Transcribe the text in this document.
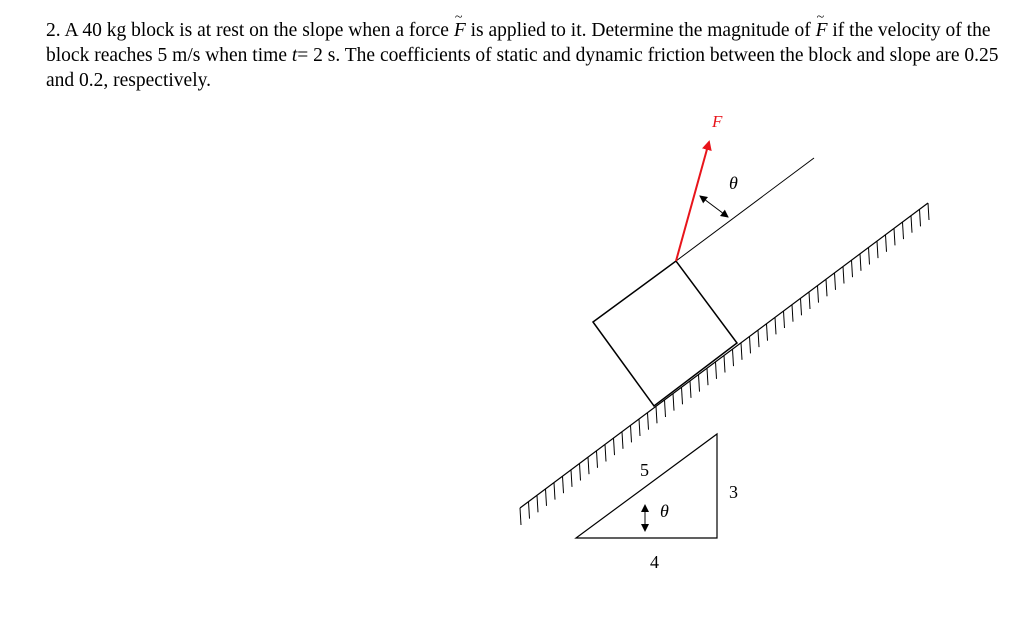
2. A 40 kg block is at rest on the slope when a force ~ F is applied to it. Determine the magnitude of ~ F if the velocity of the block reaches 5 m/s when time t= 2 s. The coefficients of static and dynamic friction between the block and slope are 0.25 and 0.2, respectively.
F
θ
5
3
4
θ
